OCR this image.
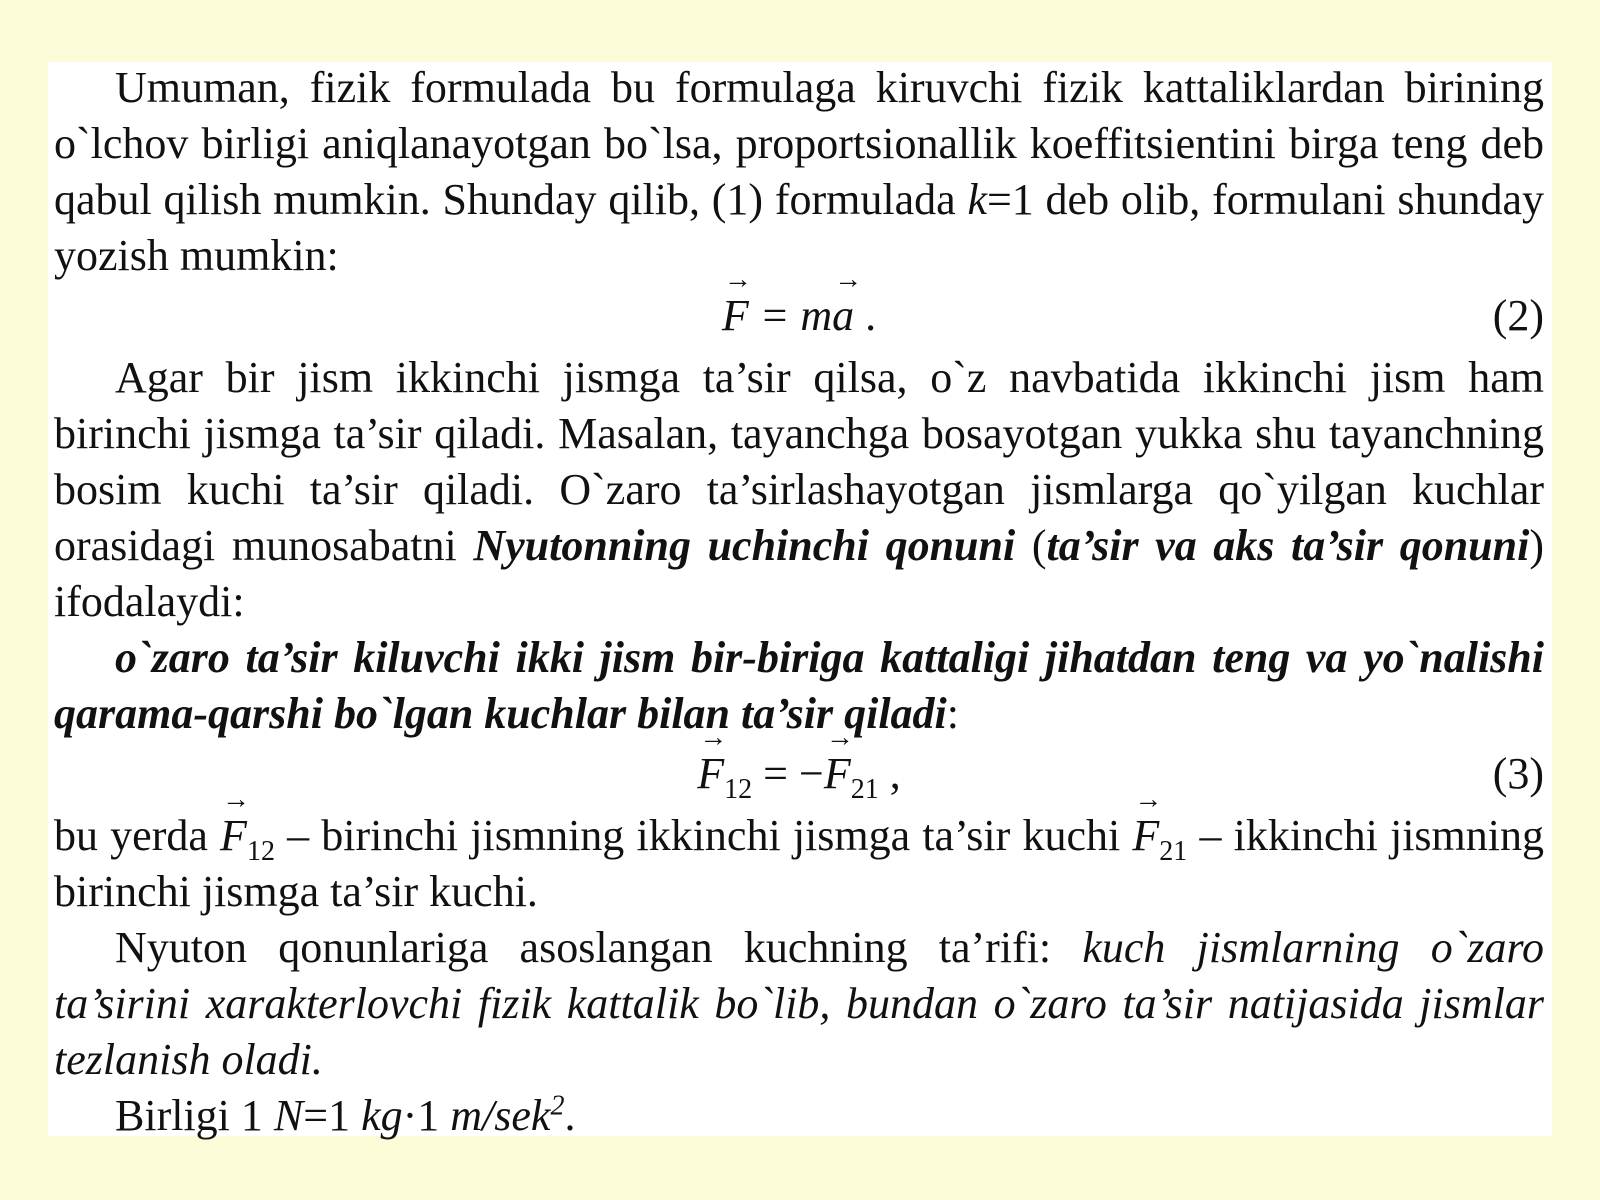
Umuman, fizik formulada bu formulaga kiruvchi fizik kattaliklardan birining o`lchov birligi aniqlanayotgan bo`lsa, proportsionallik koeffitsientini birga teng deb qabul qilish mumkin. Shunday qilib, (1) formulada k=1 deb olib, formulani shunday yozish mumkin:

→ F = m→ a .	(2)

Agar bir jism ikkinchi jismga ta’sir qilsa, o`z navbatida ikkinchi jism ham birinchi jismga ta’sir qiladi. Masalan, tayanchga bosayotgan yukka shu tayanchning bosim kuchi ta’sir qiladi. O`zaro ta’sirlashayotgan jismlarga qo`yilgan kuchlar orasidagi munosabatni Nyutonning uchinchi qonuni (ta’sir va aks ta’sir qonuni) ifodalaydi:

o`zaro ta’sir kiluvchi ikki jism bir-biriga kattaligi jihatdan teng va yo`nalishi qarama-qarshi bo`lgan kuchlar bilan ta’sir qiladi:

→ $F_{12}$ = −→ $F_{21}$ ,	(3)

bu yerda → $F_{12}$ – birinchi jismning ikkinchi jismga ta’sir kuchi → $F_{21}$ – ikkinchi jismning birinchi jismga ta’sir kuchi.

Nyuton qonunlariga asoslangan kuchning ta’rifi: kuch jismlarning o`zaro ta’sirini xarakterlovchi fizik kattalik bo`lib, bundan o`zaro ta’sir natijasida jismlar tezlanish oladi.

Birligi 1 N=1 kg·1 m/sek$^2$.
